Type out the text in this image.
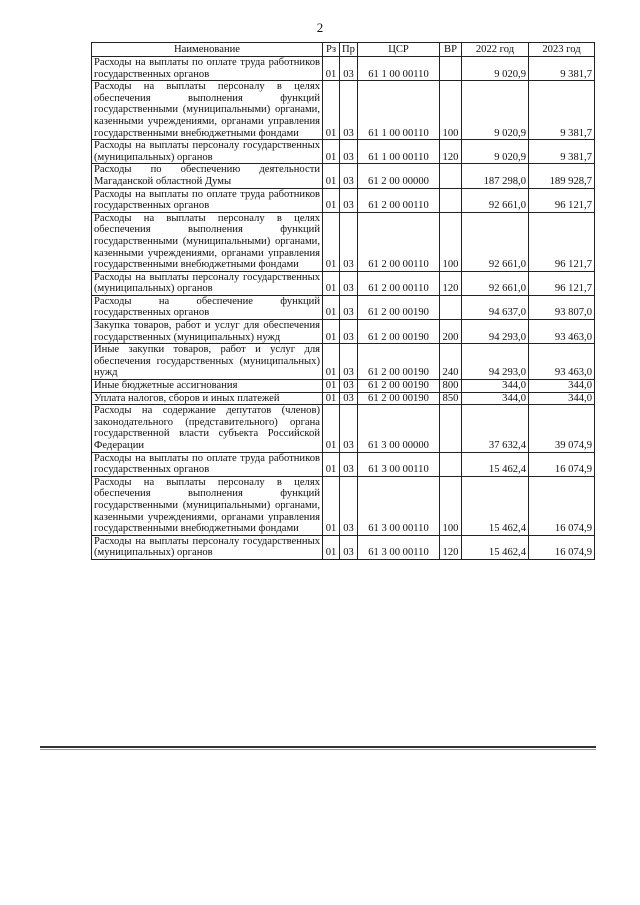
2
Наименование	Рз	Пр	ЦСР	ВР	2022 год	2023 год
Расходы на выплаты по оплате труда работников государственных органов	01	03	61 1 00 00110		9 020,9	9 381,7
Расходы на выплаты персоналу в целях обеспечения выполнения функций государственными (муниципальными) органами, казенными учреждениями, органами управления государственными внебюджетными фондами	01	03	61 1 00 00110	100	9 020,9	9 381,7
Расходы на выплаты персоналу государственных (муниципальных) органов	01	03	61 1 00 00110	120	9 020,9	9 381,7
Расходы по обеспечению деятельности Магаданской областной Думы	01	03	61 2 00 00000		187 298,0	189 928,7
Расходы на выплаты по оплате труда работников государственных органов	01	03	61 2 00 00110		92 661,0	96 121,7
Расходы на выплаты персоналу в целях обеспечения выполнения функций государственными (муниципальными) органами, казенными учреждениями, органами управления государственными внебюджетными фондами	01	03	61 2 00 00110	100	92 661,0	96 121,7
Расходы на выплаты персоналу государственных (муниципальных) органов	01	03	61 2 00 00110	120	92 661,0	96 121,7
Расходы на обеспечение функций государственных органов	01	03	61 2 00 00190		94 637,0	93 807,0
Закупка товаров, работ и услуг для обеспечения государственных (муниципальных) нужд	01	03	61 2 00 00190	200	94 293,0	93 463,0
Иные закупки товаров, работ и услуг для обеспечения государственных (муниципальных) нужд	01	03	61 2 00 00190	240	94 293,0	93 463,0
Иные бюджетные ассигнования	01	03	61 2 00 00190	800	344,0	344,0
Уплата налогов, сборов и иных платежей	01	03	61 2 00 00190	850	344,0	344,0
Расходы на содержание депутатов (членов) законодательного (представительного) органа государственной власти субъекта Российской Федерации	01	03	61 3 00 00000		37 632,4	39 074,9
Расходы на выплаты по оплате труда работников государственных органов	01	03	61 3 00 00110		15 462,4	16 074,9
Расходы на выплаты персоналу в целях обеспечения выполнения функций государственными (муниципальными) органами, казенными учреждениями, органами управления государственными внебюджетными фондами	01	03	61 3 00 00110	100	15 462,4	16 074,9
Расходы на выплаты персоналу государственных (муниципальных) органов	01	03	61 3 00 00110	120	15 462,4	16 074,9
